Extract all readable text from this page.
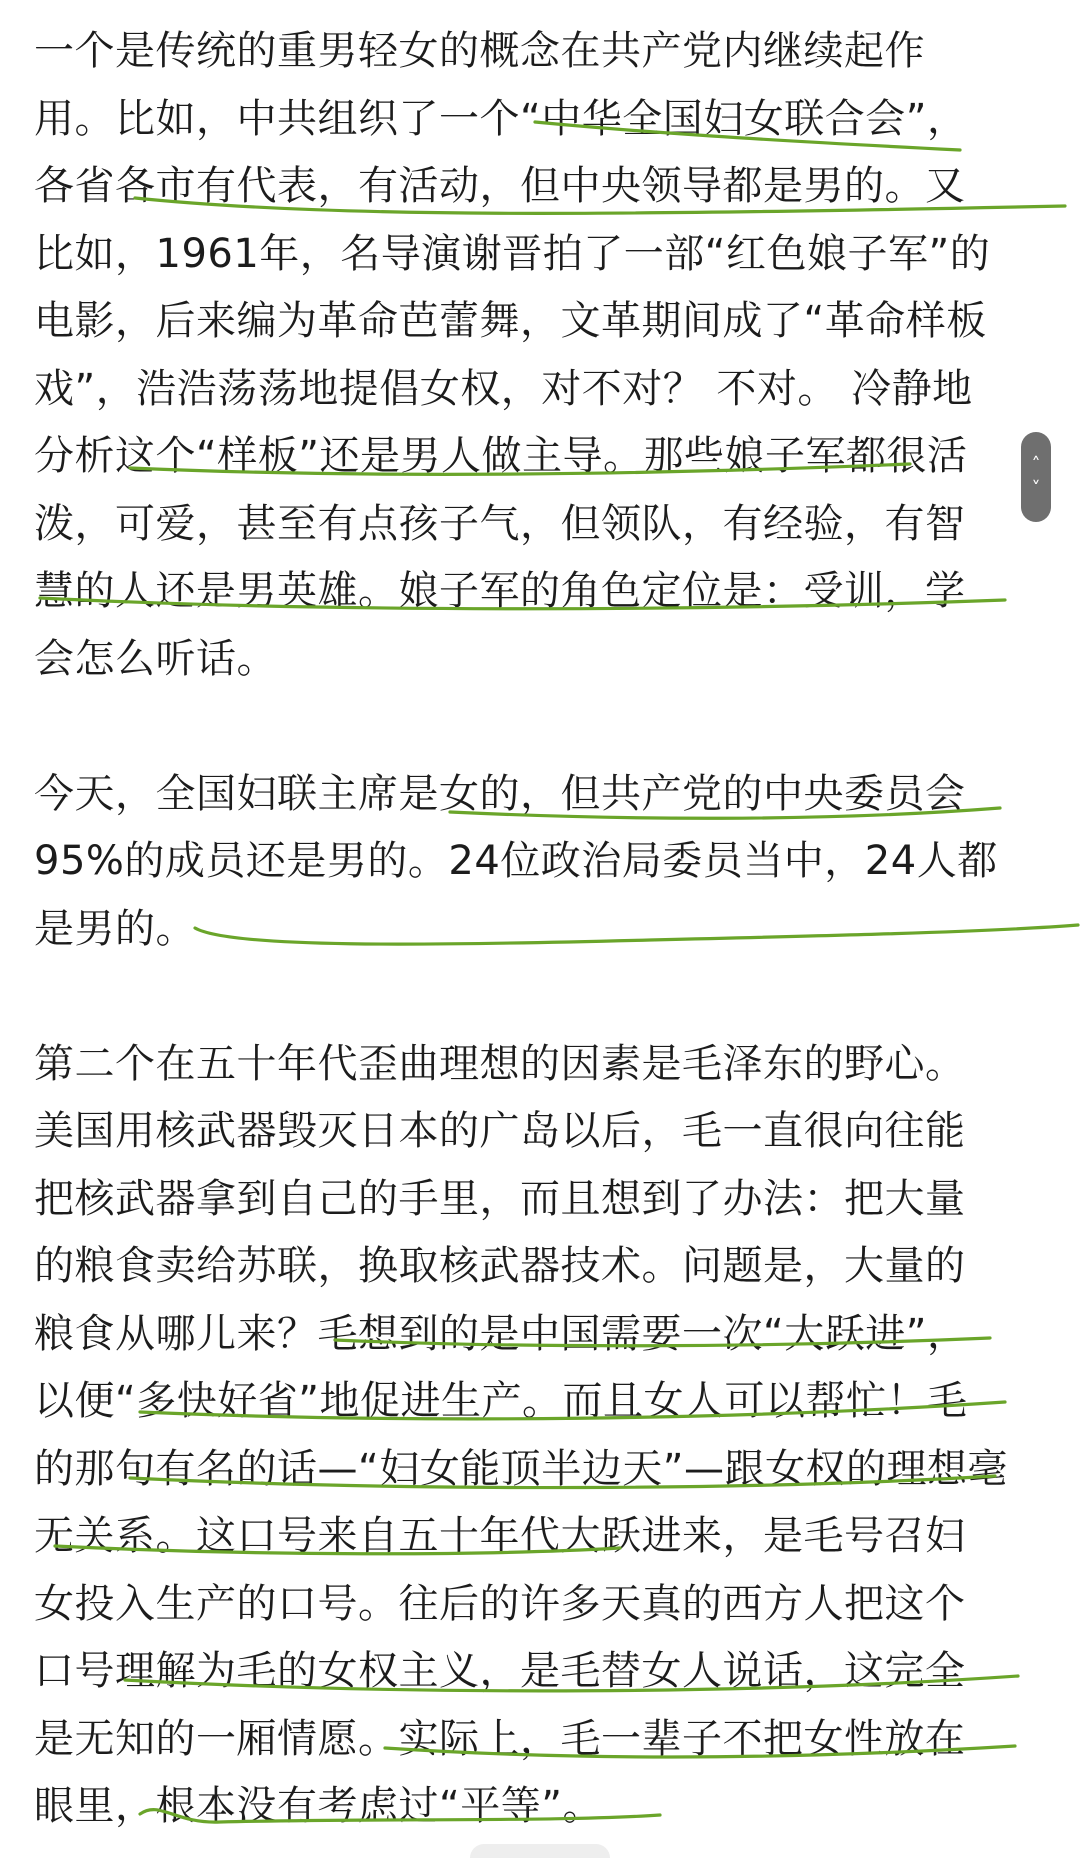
一个是传统的重男轻女的概念在共产党内继续起作
用。比如，中共组织了一个“中华全国妇女联合会”，
各省各市有代表，有活动，但中央领导都是男的。又
比如，1961年，名导演谢晋拍了一部“红色娘子军”的
电影，后来编为革命芭蕾舞，文革期间成了“革命样板
戏”，浩浩荡荡地提倡女权，对不对？ 不对。 冷静地
分析这个“样板”还是男人做主导。那些娘子军都很活
泼，可爱，甚至有点孩子气，但领队，有经验，有智
慧的人还是男英雄。娘子军的角色定位是：受训，学
会怎么听话。

今天，全国妇联主席是女的，但共产党的中央委员会
95%的成员还是男的。24位政治局委员当中，24人都
是男的。

第二个在五十年代歪曲理想的因素是毛泽东的野心。
美国用核武器毁灭日本的广岛以后，毛一直很向往能
把核武器拿到自己的手里，而且想到了办法：把大量
的粮食卖给苏联，换取核武器技术。问题是，大量的
粮食从哪儿来？毛想到的是中国需要一次“大跃进”，
以便“多快好省”地促进生产。而且女人可以帮忙！毛
的那句有名的话—“妇女能顶半边天”—跟女权的理想毫
无关系。这口号来自五十年代大跃进来，是毛号召妇
女投入生产的口号。往后的许多天真的西方人把这个
口号理解为毛的女权主义，是毛替女人说话，这完全
是无知的一厢情愿。实际上，毛一辈子不把女性放在
眼里，根本没有考虑过“平等”。

˄
˅
